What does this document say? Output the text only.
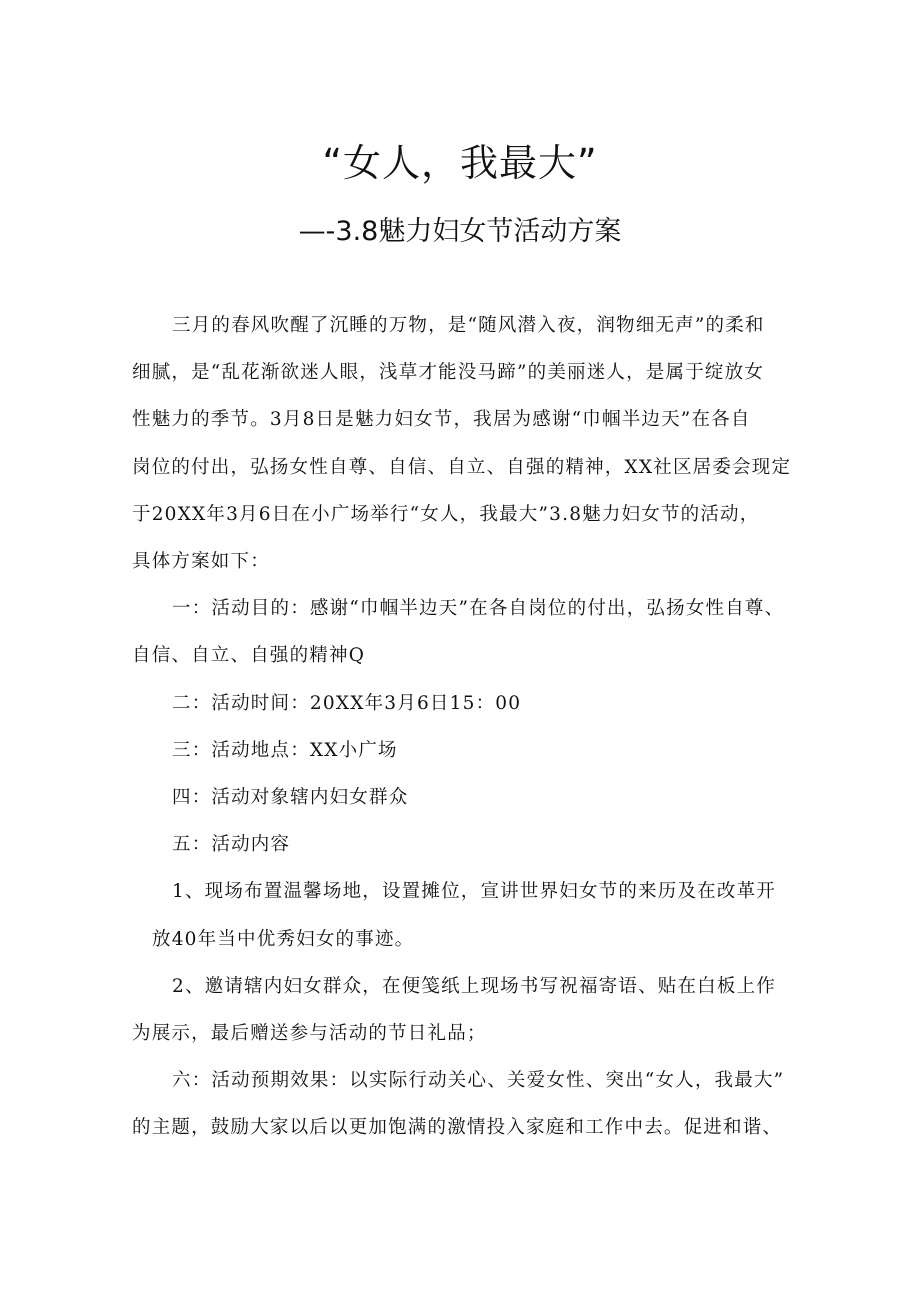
“女人，我最大”
—-3.8魅力妇女节活动方案

三月的春风吹醒了沉睡的万物，是“随风潜入夜，润物细无声”的柔和

细腻，是“乱花渐欲迷人眼，浅草才能没马蹄”的美丽迷人，是属于绽放女

性魅力的季节。3月8日是魅力妇女节，我居为感谢“巾帼半边天”在各自

岗位的付出，弘扬女性自尊、自信、自立、自强的精神，XX社区居委会现定

于20XX年3月6日在小广场举行“女人，我最大”3.8魅力妇女节的活动，

具体方案如下：

一：活动目的：感谢“巾帼半边天”在各自岗位的付出，弘扬女性自尊、

自信、自立、自强的精神Q

二：活动时间：20XX年3月6日15：00

三：活动地点：XX小广场

四：活动对象辖内妇女群众

五：活动内容

1、现场布置温馨场地，设置摊位，宣讲世界妇女节的来历及在改革开

放40年当中优秀妇女的事迹。

2、邀请辖内妇女群众，在便笺纸上现场书写祝福寄语、贴在白板上作

为展示，最后赠送参与活动的节日礼品；

六：活动预期效果：以实际行动关心、关爱女性、突出“女人，我最大”

的主题，鼓励大家以后以更加饱满的激情投入家庭和工作中去。促进和谐、
